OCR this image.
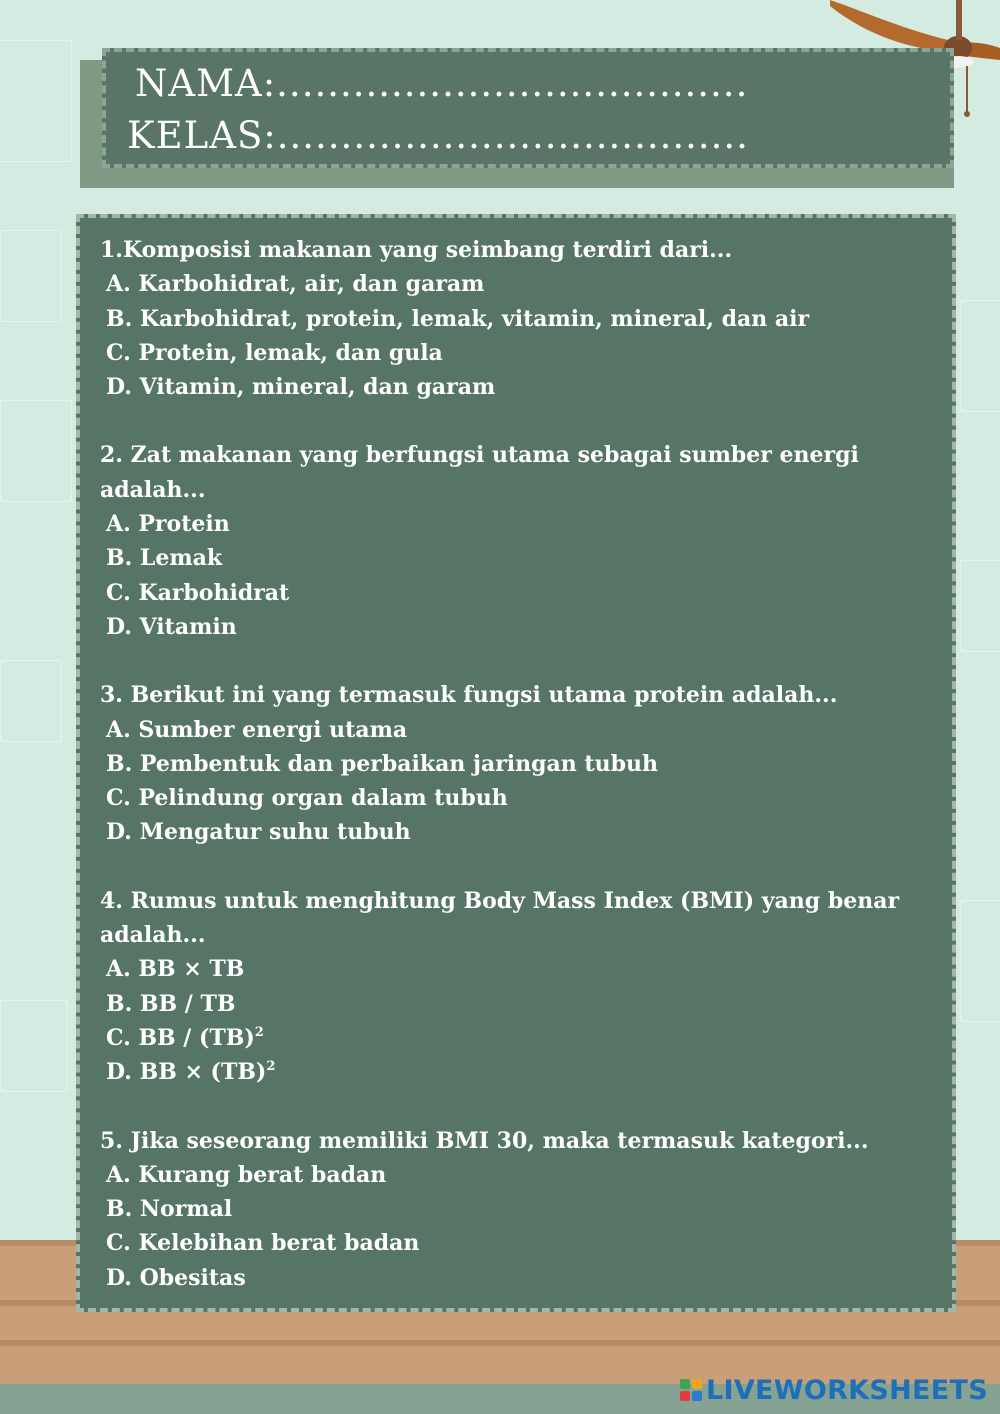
NAMA:.....................................
KELAS:.....................................

1.Komposisi makanan yang seimbang terdiri dari...

A. Karbohidrat, air, dan garam

B. Karbohidrat, protein, lemak, vitamin, mineral, dan air

C. Protein, lemak, dan gula

D. Vitamin, mineral, dan garam

2. Zat makanan yang berfungsi utama sebagai sumber energi adalah...

A. Protein

B. Lemak

C. Karbohidrat

D. Vitamin

3. Berikut ini yang termasuk fungsi utama protein adalah...

A. Sumber energi utama

B. Pembentuk dan perbaikan jaringan tubuh

C. Pelindung organ dalam tubuh

D. Mengatur suhu tubuh

4. Rumus untuk menghitung Body Mass Index (BMI) yang benar adalah...

A. BB × TB

B. BB / TB

C. BB / (TB)$^2$

D. BB × (TB)$^2$

5. Jika seseorang memiliki BMI 30, maka termasuk kategori...

A. Kurang berat badan

B. Normal

C. Kelebihan berat badan

D. Obesitas

LIVEWORKSHEETS
